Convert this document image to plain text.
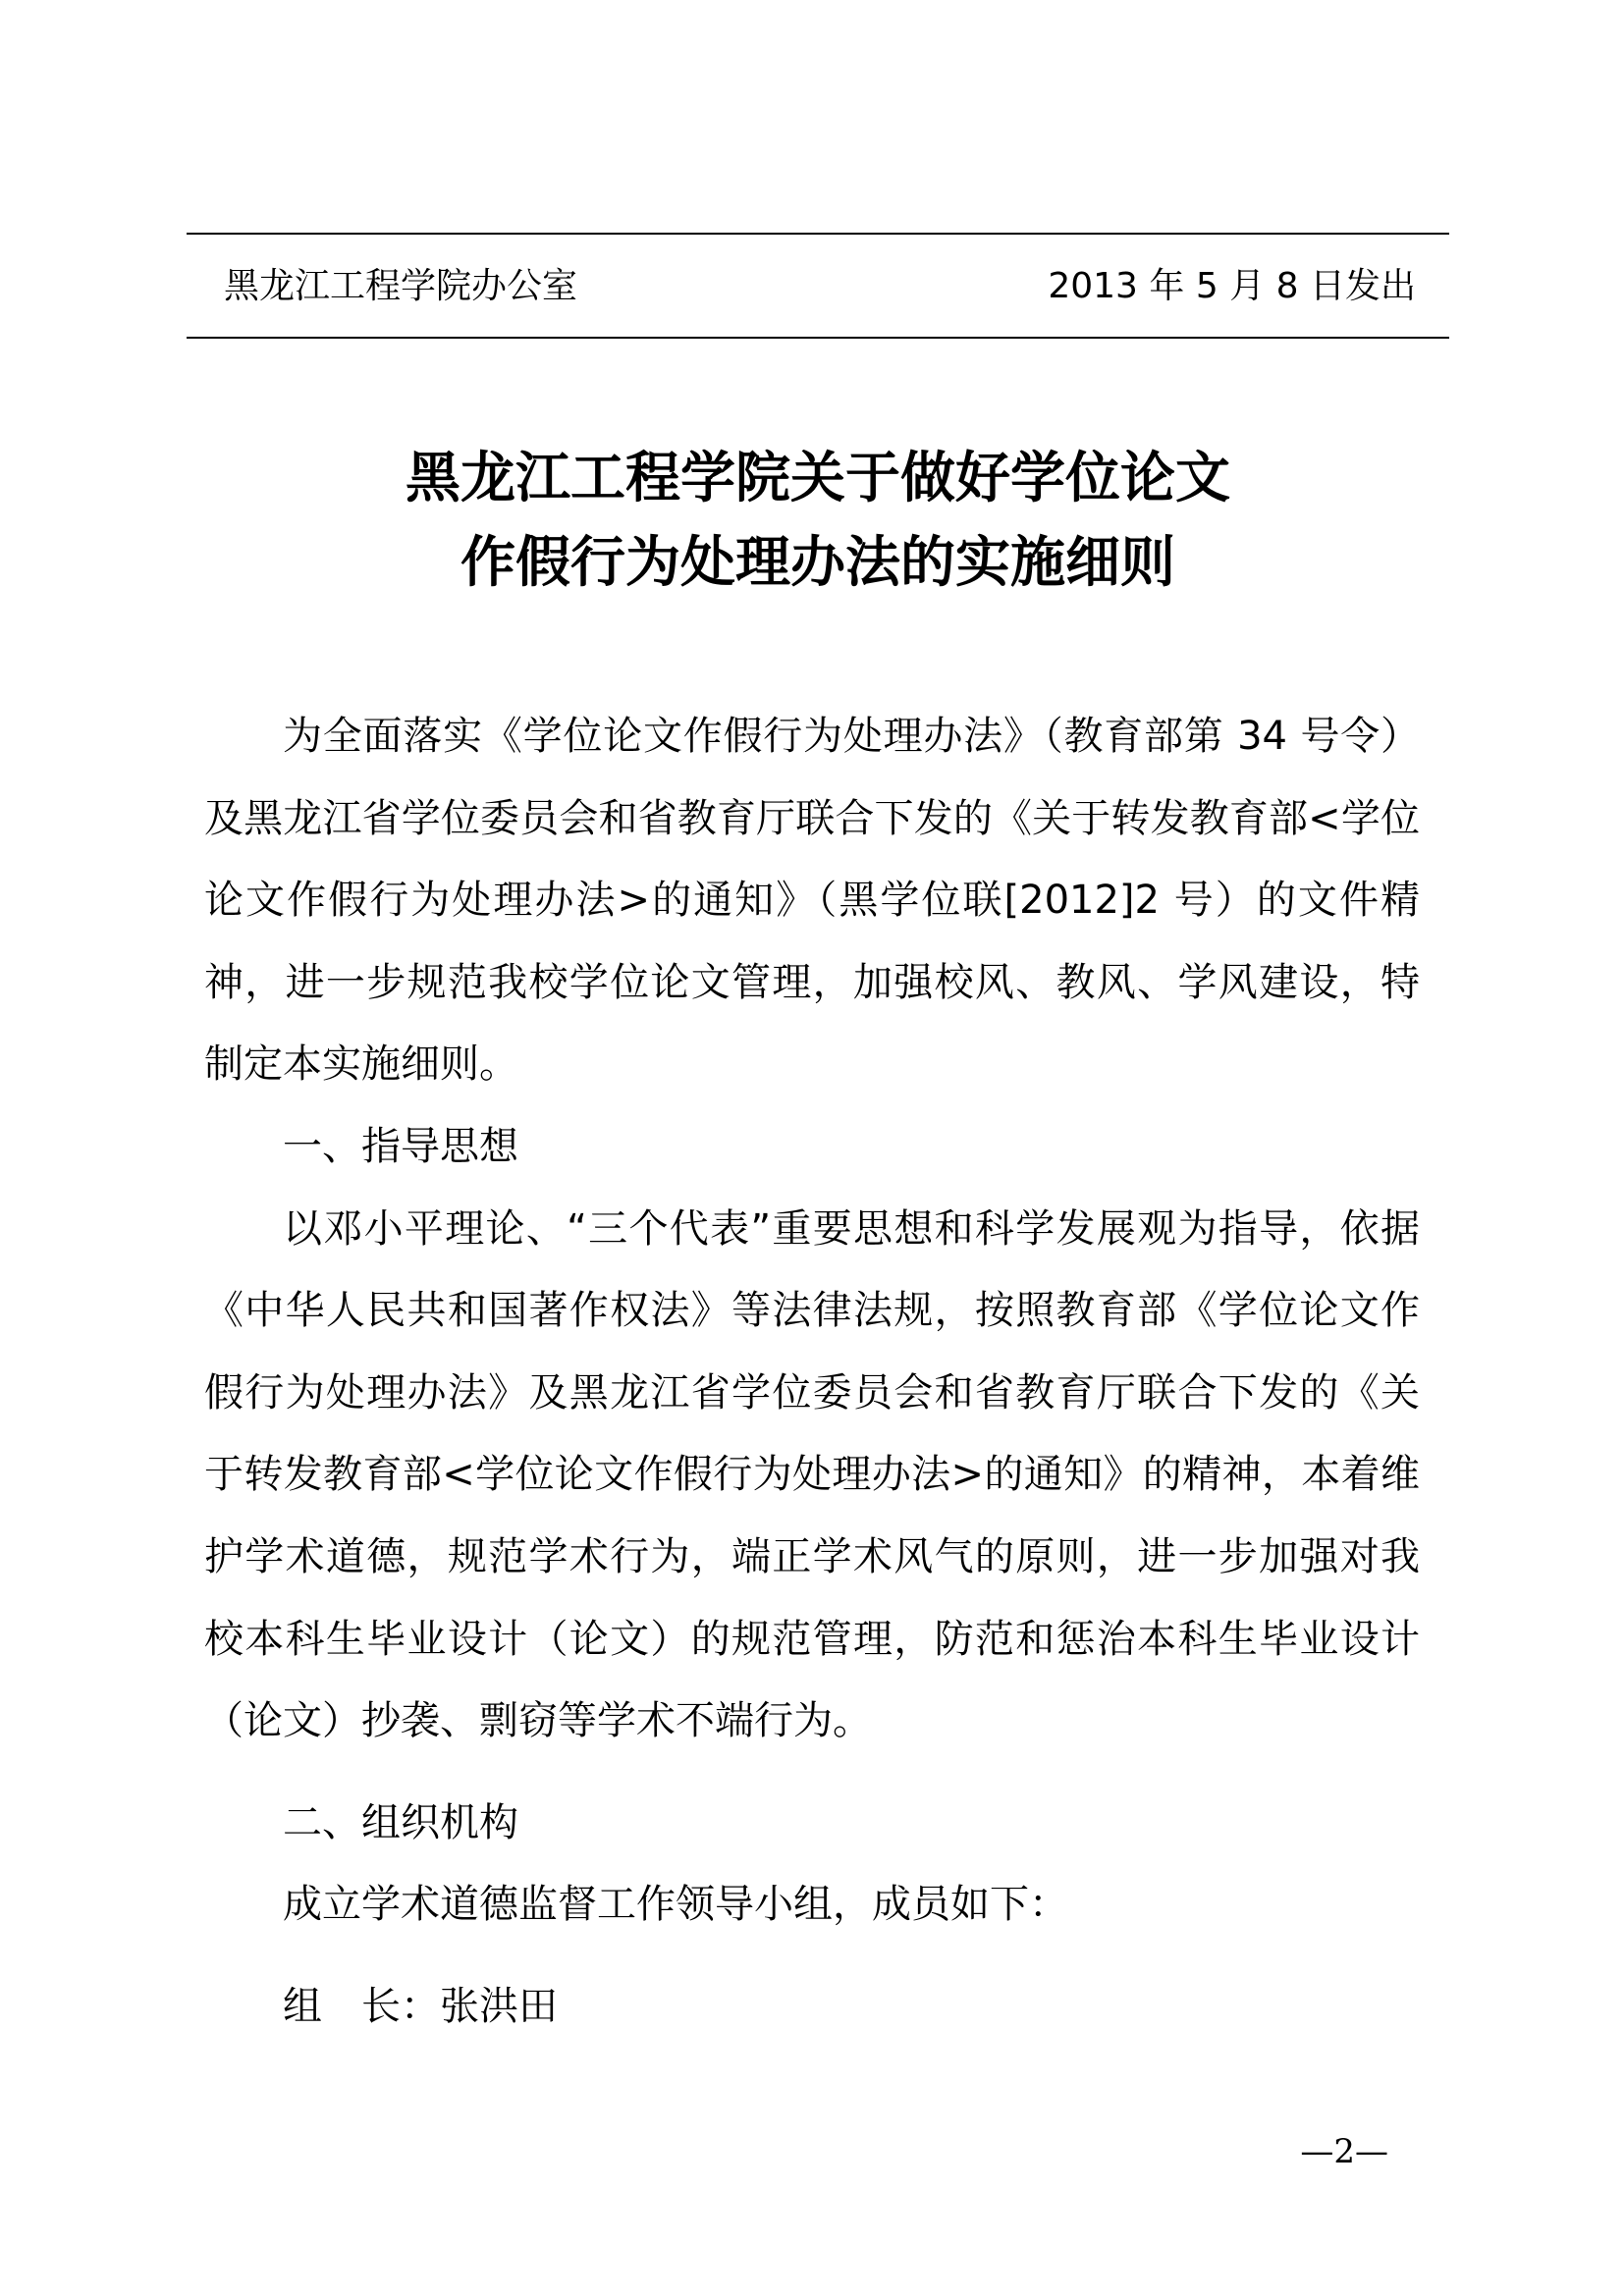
黑龙江工程学院办公室	2013 年 5 月 8 日发出
黑龙江工程学院关于做好学位论文
作假行为处理办法的实施细则

为全面落实《学位论文作假行为处理办法》（教育部第 34 号令）及黑龙江省学位委员会和省教育厅联合下发的《关于转发教育部<学位论文作假行为处理办法>的通知》（黑学位联[2012]2 号）的文件精神，进一步规范我校学位论文管理，加强校风、教风、学风建设，特制定本实施细则。

一、指导思想

以邓小平理论、“三个代表”重要思想和科学发展观为指导，依据《中华人民共和国著作权法》等法律法规，按照教育部《学位论文作假行为处理办法》及黑龙江省学位委员会和省教育厅联合下发的《关于转发教育部<学位论文作假行为处理办法>的通知》的精神，本着维护学术道德，规范学术行为，端正学术风气的原则，进一步加强对我校本科生毕业设计（论文）的规范管理，防范和惩治本科生毕业设计（论文）抄袭、剽窃等学术不端行为。

二、组织机构

成立学术道德监督工作领导小组，成员如下：

组　长：张洪田

—2—
